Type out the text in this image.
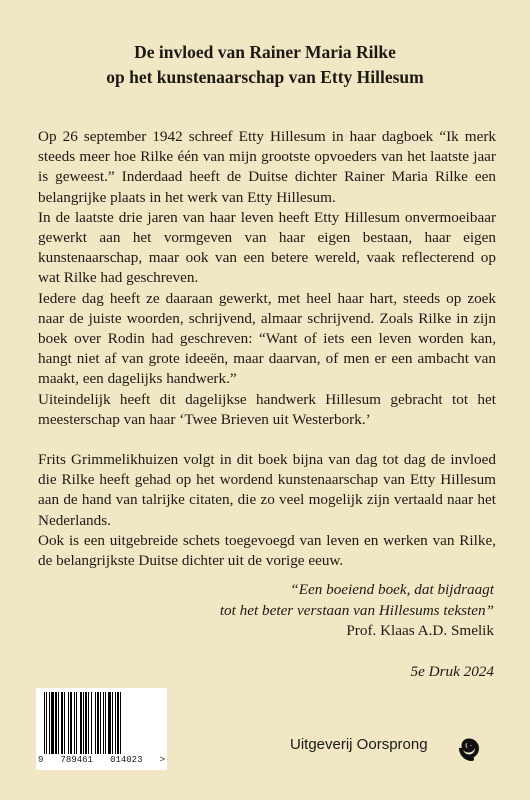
De invloed van Rainer Maria Rilke
op het kunstenaarschap van Etty Hillesum

Op 26 september 1942 schreef Etty Hillesum in haar dagboek “Ik merk steeds meer hoe Rilke één van mijn grootste opvoeders van het laatste jaar is geweest.” Inderdaad heeft de Duitse dichter Rainer Maria Rilke een belangrijke plaats in het werk van Etty Hillesum.

In de laatste drie jaren van haar leven heeft Etty Hillesum onvermoeibaar gewerkt aan het vormgeven van haar eigen bestaan, haar eigen kunstenaarschap, maar ook van een betere wereld, vaak reflecterend op wat Rilke had geschreven.

Iedere dag heeft ze daaraan gewerkt, met heel haar hart, steeds op zoek naar de juiste woorden, schrijvend, almaar schrijvend. Zoals Rilke in zijn boek over Rodin had geschreven: “Want of iets een leven worden kan, hangt niet af van grote ideeën, maar daarvan, of men er een ambacht van maakt, een dagelijks handwerk.”

Uiteindelijk heeft dit dagelijkse handwerk Hillesum gebracht tot het meesterschap van haar ‘Twee Brieven uit Westerbork.’

Frits Grimmelikhuizen volgt in dit boek bijna van dag tot dag de invloed die Rilke heeft gehad op het wordend kunstenaarschap van Etty Hillesum aan de hand van talrijke citaten, die zo veel mogelijk zijn vertaald naar het Nederlands.

Ook is een uitgebreide schets toegevoegd van leven en werken van Rilke, de belangrijkste Duitse dichter uit de vorige eeuw.

“Een boeiend boek, dat bijdraagt
tot het beter verstaan van Hillesums teksten”
Prof. Klaas A.D. Smelik
5e Druk 2024
9 789461 014023 >
Uitgeverij Oorsprong
